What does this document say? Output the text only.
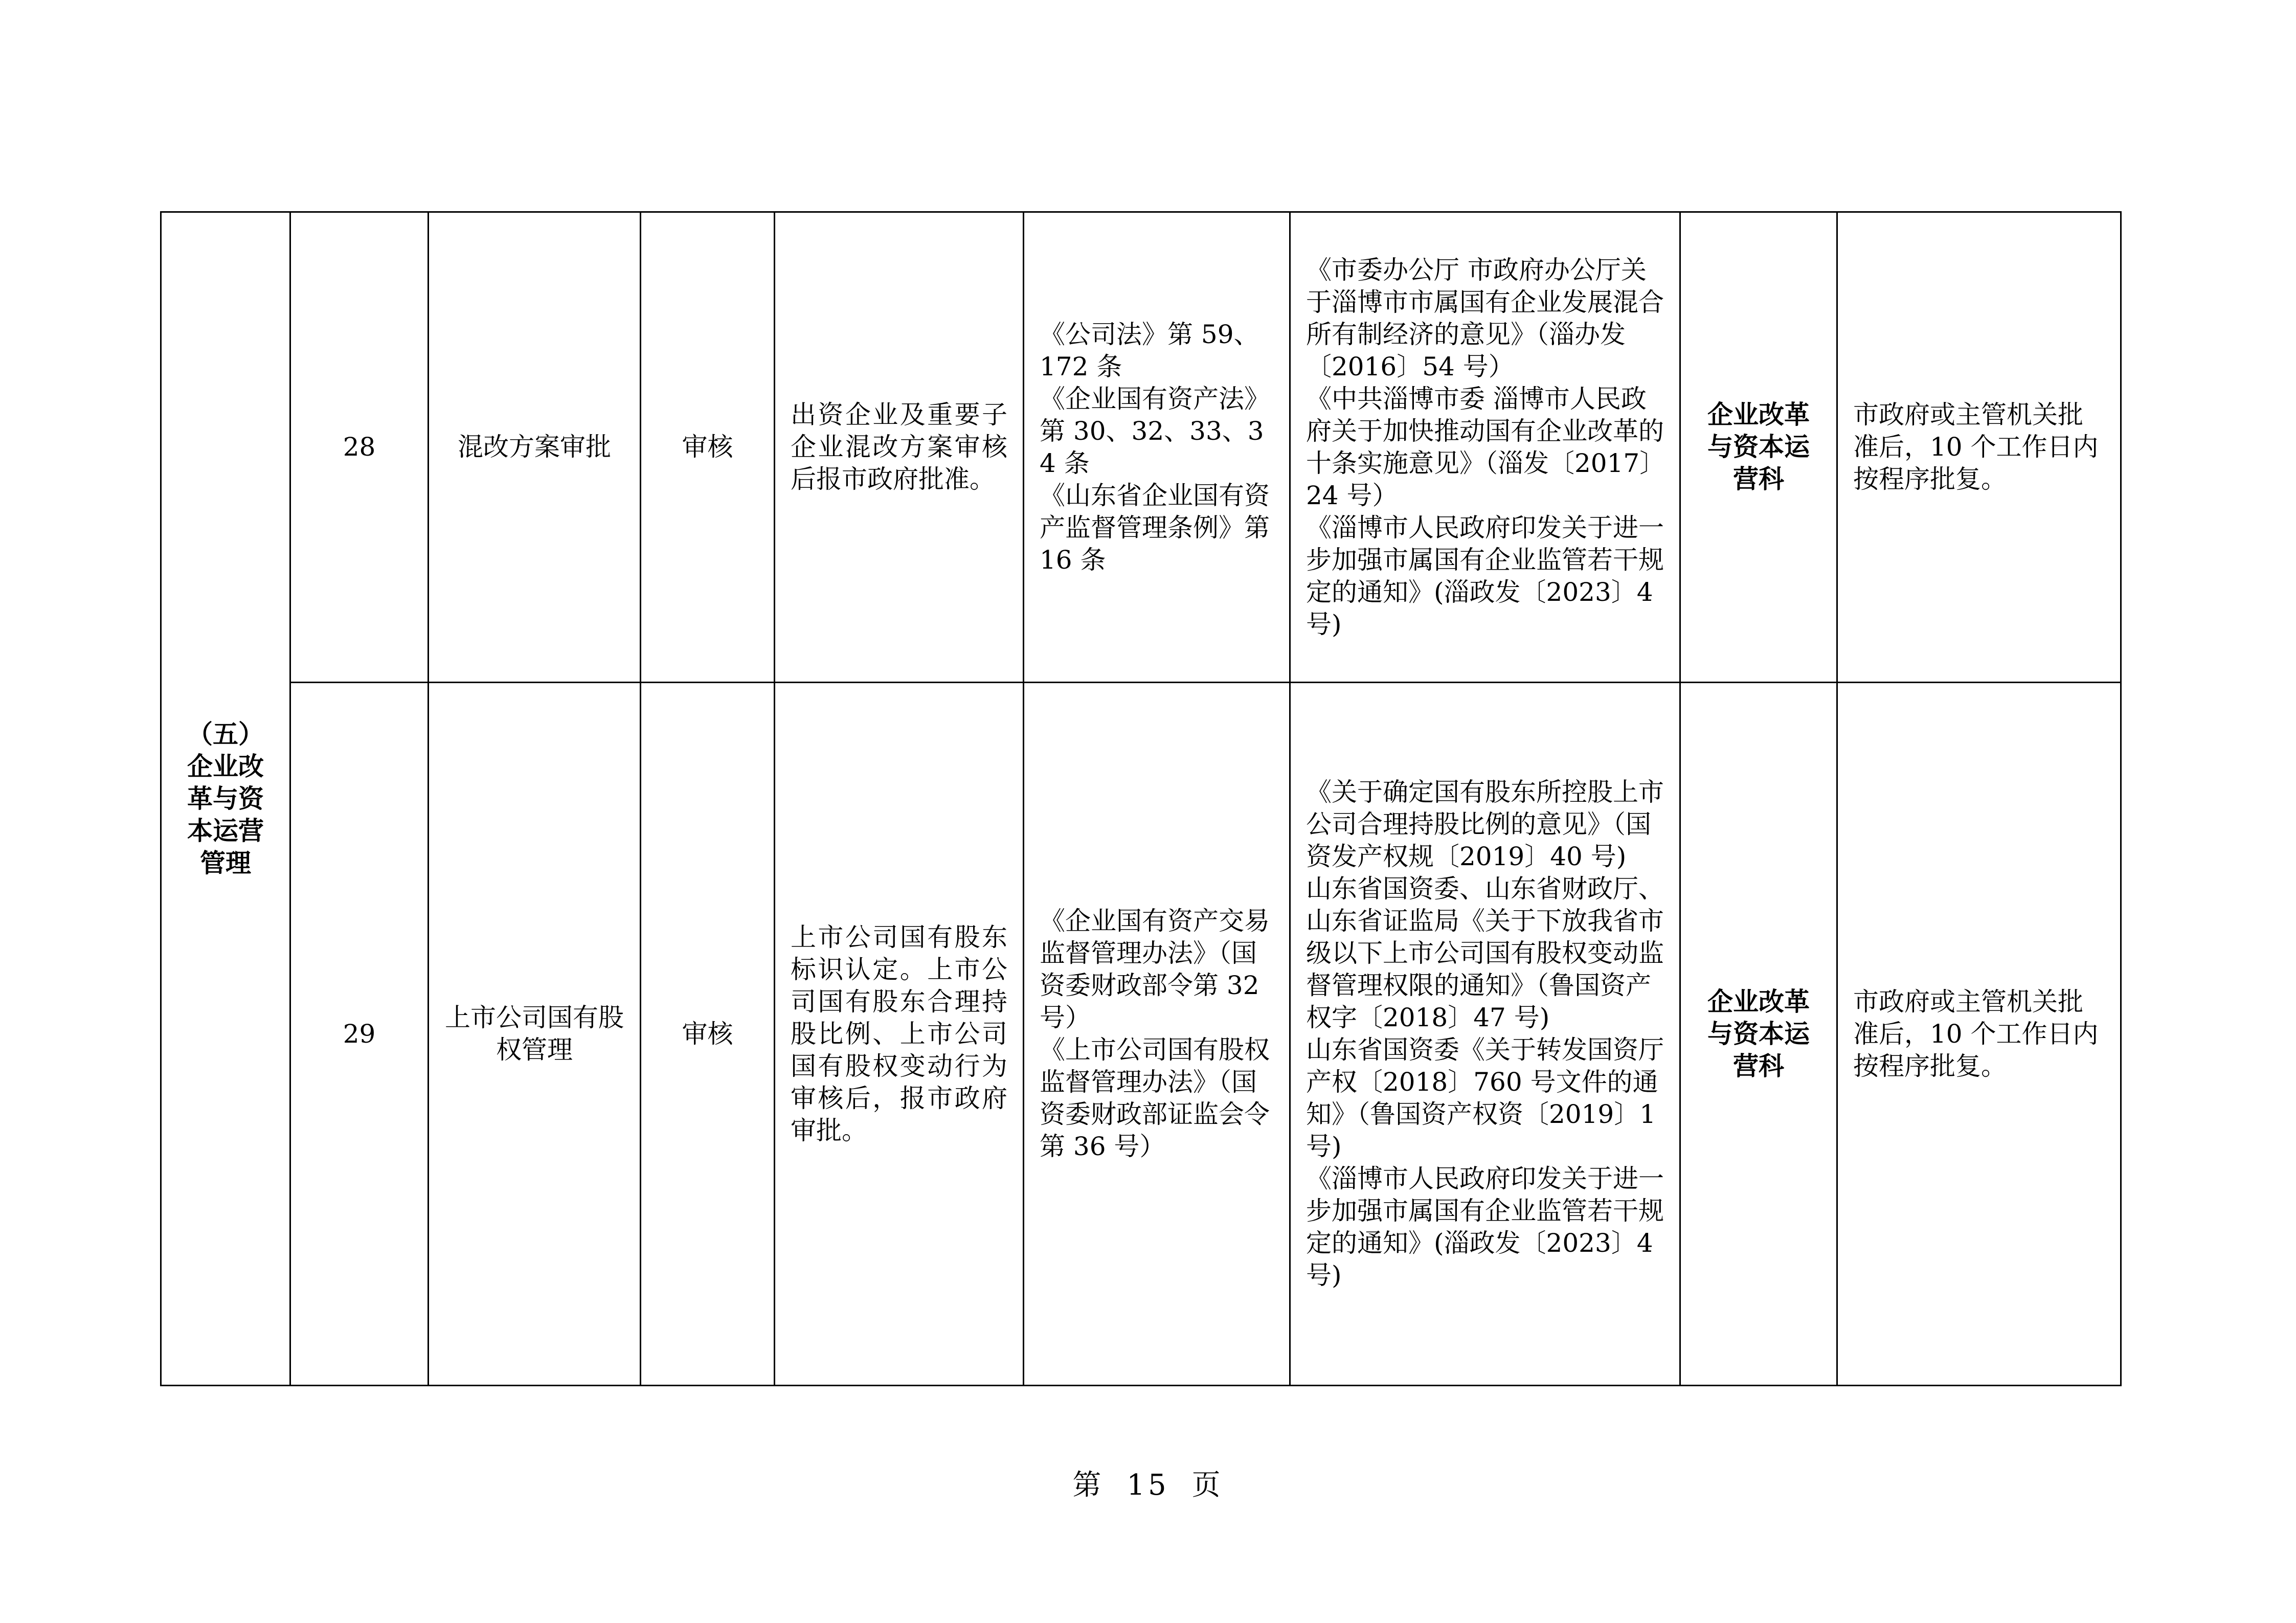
（五）企业改革与资本运营管理	28	混改方案审批	审核	出资企业及重要子企业混改方案审核后报市政府批准。	《公司法》第 59、172 条
《企业国有资产法》第 30、32、33、34 条
《山东省企业国有资产监督管理条例》第 16 条	《市委办公厅 市政府办公厅关于淄博市市属国有企业发展混合所有制经济的意见》（淄办发〔2016〕54 号）
《中共淄博市委 淄博市人民政府关于加快推动国有企业改革的十条实施意见》（淄发〔2017〕24 号）
《淄博市人民政府印发关于进一步加强市属国有企业监管若干规定的通知》(淄政发〔2023〕4 号)	企业改革与资本运营科	市政府或主管机关批准后，10 个工作日内按程序批复。
	29	上市公司国有股权管理	审核	上市公司国有股东标识认定。上市公司国有股东合理持股比例、上市公司国有股权变动行为审核后，报市政府审批。	《企业国有资产交易监督管理办法》（国资委财政部令第 32 号）
《上市公司国有股权监督管理办法》（国资委财政部证监会令第 36 号）	《关于确定国有股东所控股上市公司合理持股比例的意见》（国资发产权规〔2019〕40 号)
山东省国资委、山东省财政厅、山东省证监局《关于下放我省市级以下上市公司国有股权变动监督管理权限的通知》（鲁国资产权字〔2018〕47 号)
山东省国资委《关于转发国资厅产权〔2018〕760 号文件的通知》（鲁国资产权资〔2019〕1 号)
《淄博市人民政府印发关于进一步加强市属国有企业监管若干规定的通知》(淄政发〔2023〕4 号)	企业改革与资本运营科	市政府或主管机关批准后，10 个工作日内按程序批复。
第 15 页
